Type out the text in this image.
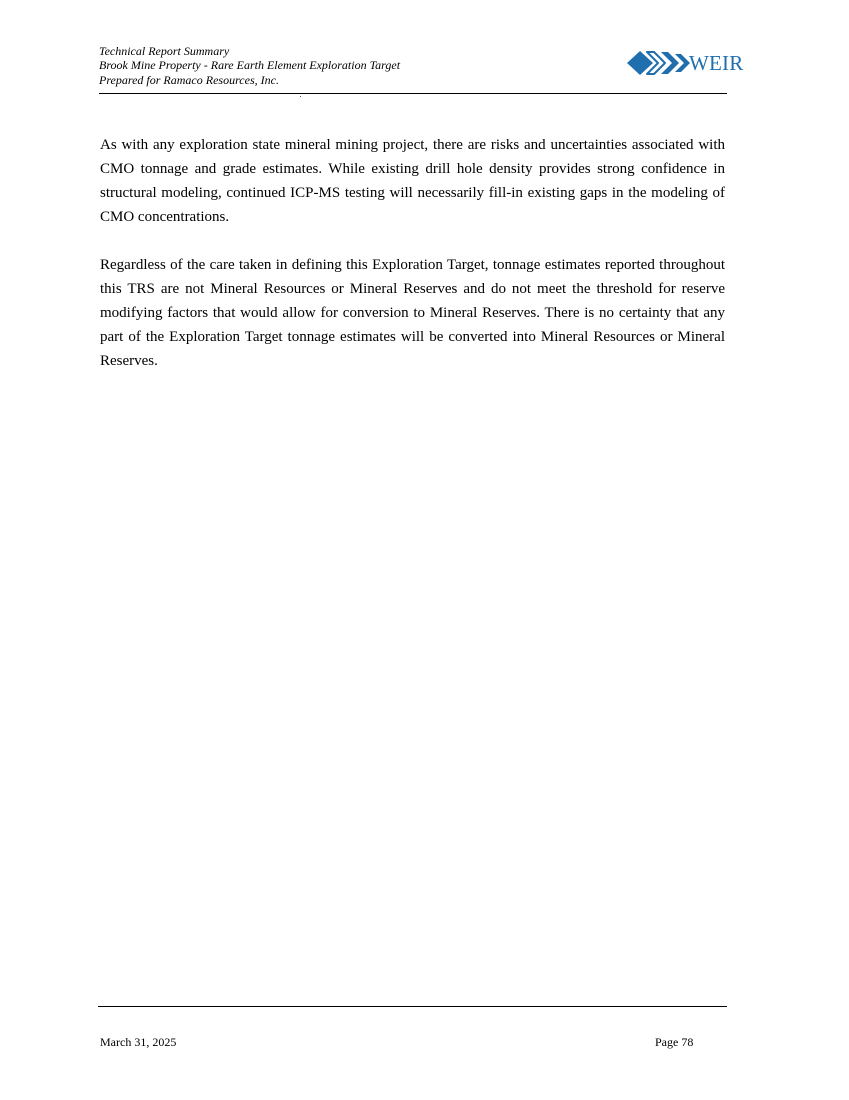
Technical Report Summary
Brook Mine Property - Rare Earth Element Exploration Target
Prepared for Ramaco Resources, Inc.
WEIR

As with any exploration state mineral mining project, there are risks and uncertainties associated with CMO tonnage and grade estimates. While existing drill hole density provides strong confidence in structural modeling, continued ICP-MS testing will necessarily fill-in existing gaps in the modeling of CMO concentrations.

Regardless of the care taken in defining this Exploration Target, tonnage estimates reported throughout this TRS are not Mineral Resources or Mineral Reserves and do not meet the threshold for reserve modifying factors that would allow for conversion to Mineral Reserves. There is no certainty that any part of the Exploration Target tonnage estimates will be converted into Mineral Resources or Mineral Reserves.

March 31, 2025	Page 78
